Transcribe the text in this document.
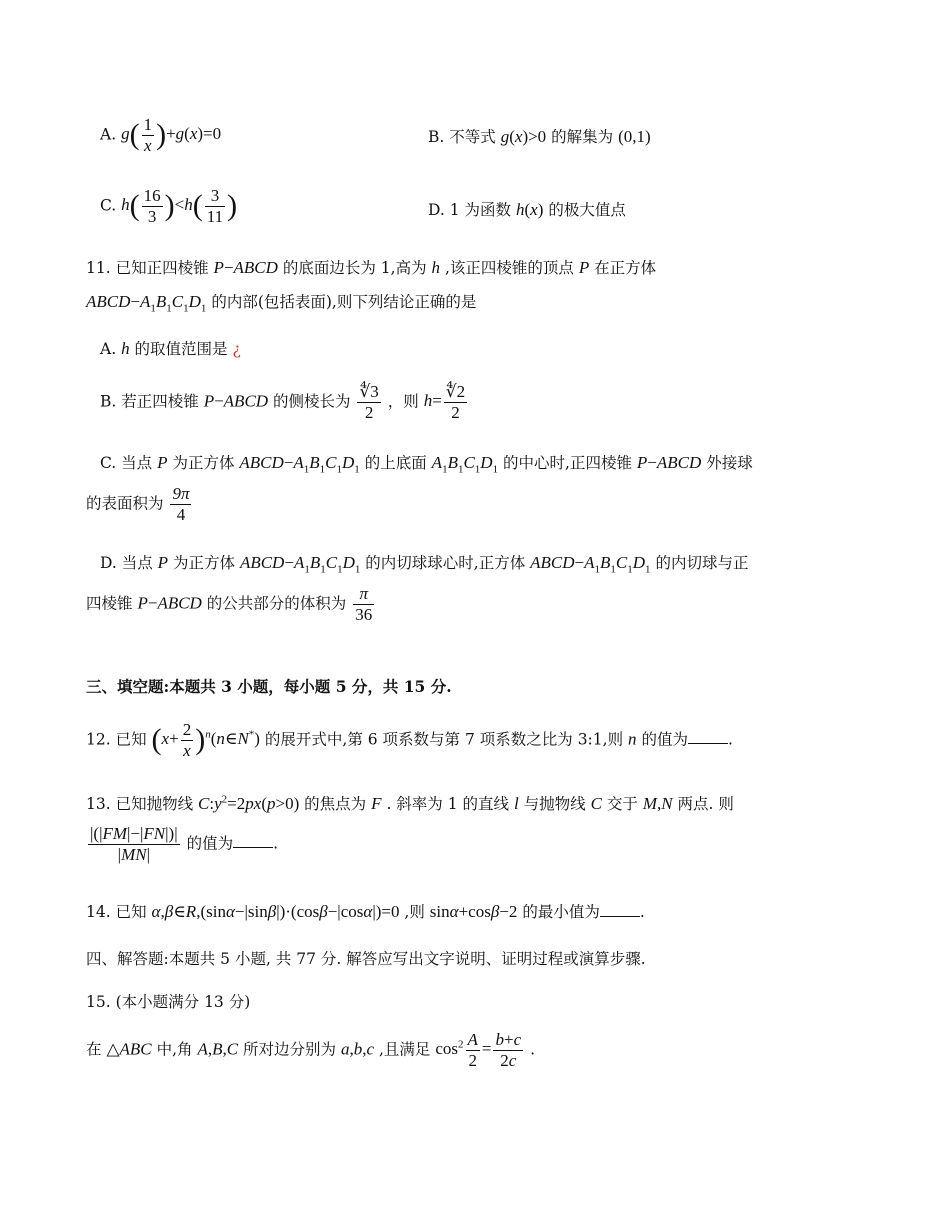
A. $g( \frac{1}{x} )+g(x)=0$	B. 不等式 g(x)>0 的解集为 (0,1)
C. $h( \frac{16}{3} )<h( \frac{3}{11}$ )	D. 1 为函数 h(x) 的极大值点
11. 已知正四棱锥 P−ABCD 的底面边长为 1,高为 h ,该正四棱锥的顶点 P 在正方体
$ABCD-A_1B_1C_1D_1$ 的内部(包括表面),则下列结论正确的是
A. h 的取值范围是 ¿
B. 若正四棱锥 P−ABCD 的侧棱长为 $\frac{∜3}{2}$ ，则 $h= \frac{∜2}{2}$
C. 当点 P 为正方体 $ABCD-A_1B_1C_1D_1$ 的上底面 $A_1B_1C_1D_1$ 的中心时,正四棱锥 P−ABCD 外接球
的表面积为 $\frac{9\pi}{4}$
D. 当点 P 为正方体 $ABCD-A_1B_1C_1D_1$ 的内切球球心时,正方体 $ABCD-A_1B_1C_1D_1$ 的内切球与正
四棱锥 P−ABCD 的公共部分的体积为 $\frac{\pi}{36}$
三、填空题:本题共 3 小题，每小题 5 分，共 15 分.
12. 已知 ($x+ \frac{2}{x}$ )$^n(n\in N^*)$ 的展开式中,第 6 项系数与第 7 项系数之比为 3:1,则 n 的值为	.
13. 已知抛物线 $C:y^2=2px(p>0)$ 的焦点为 F . 斜率为 1 的直线 l 与抛物线 C 交于 M,N 两点. 则
$\frac{|(|FM|-|FN|)|}{|MN|}$ 的值为	.
14. 已知 α,β∈R,(sinα−|sinβ|)·(cosβ−|cosα|)=0 ,则 sinα+cosβ−2 的最小值为	.
四、解答题:本题共 5 小题, 共 77 分. 解答应写出文字说明、证明过程或演算步骤.
15. (本小题满分 13 分)
在 △ABC 中,角 A,B,C 所对边分别为 a,b,c ,且满足 $\cos^2 \frac{A}{2} = \frac{b+c}{2c}$ .
